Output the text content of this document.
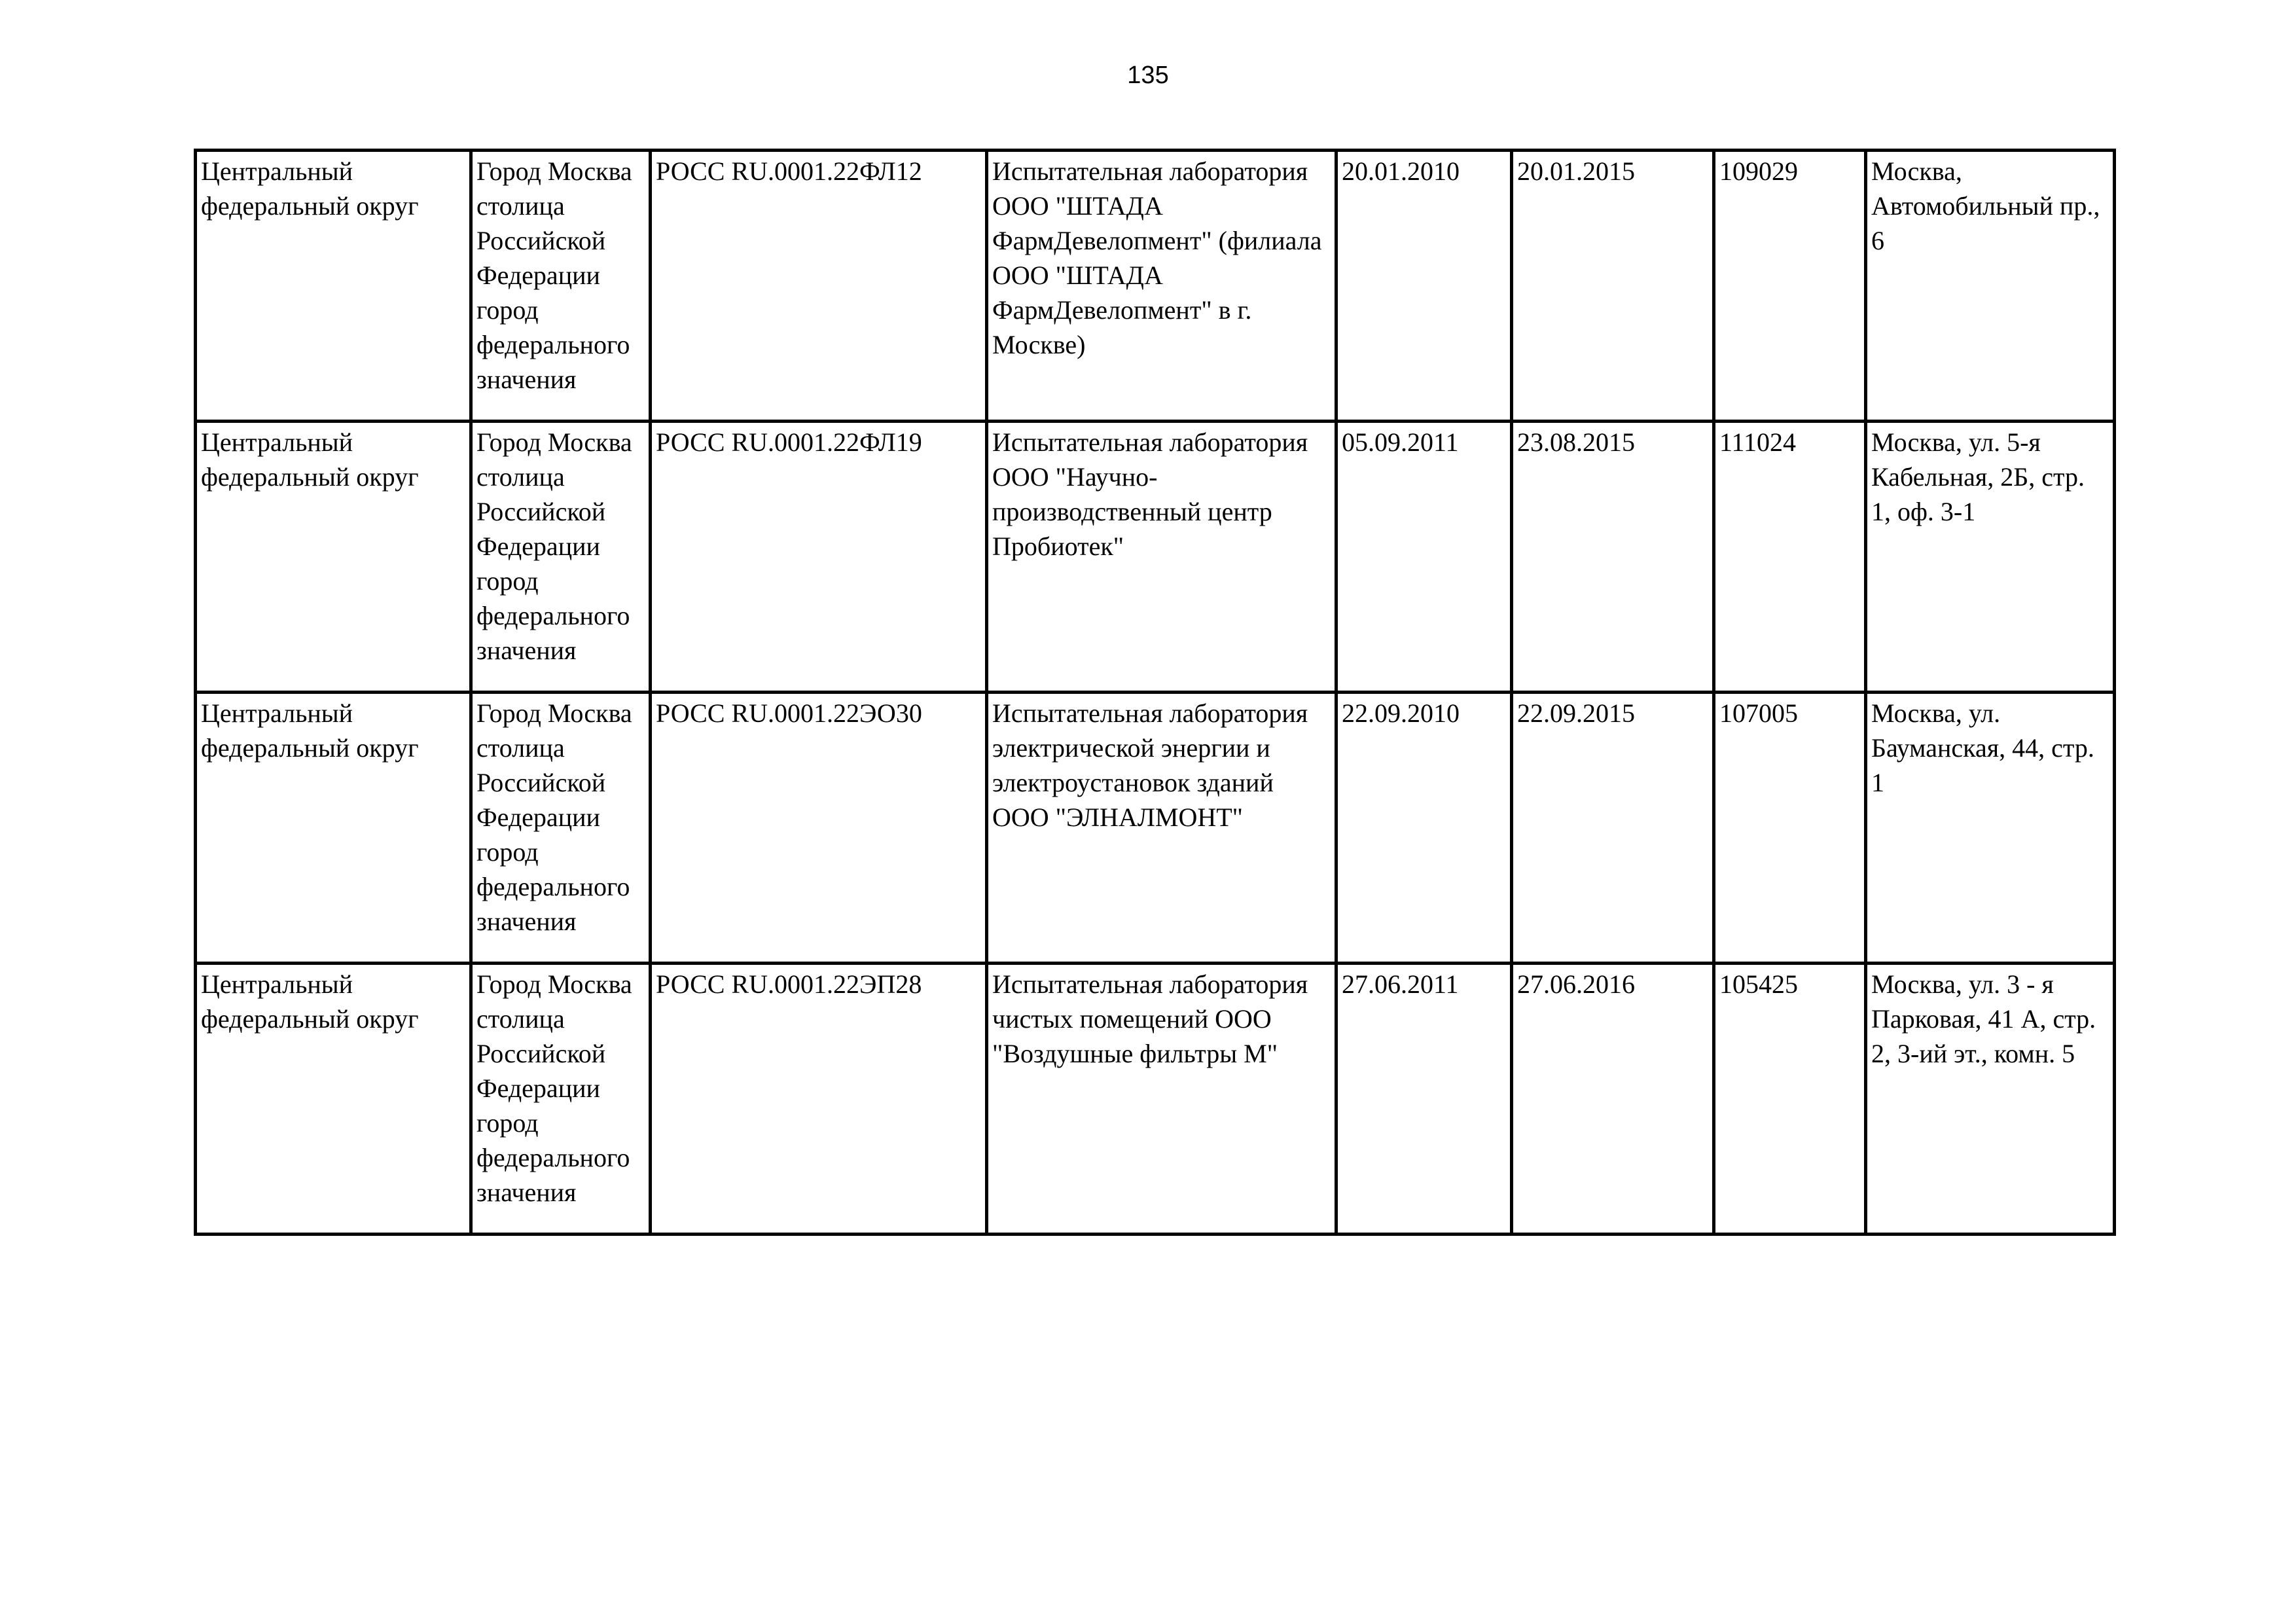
135
Центральный федеральный округ	Город Москва столица Российской Федерации город федерального значения	РОСС RU.0001.22ФЛ12	Испытательная лаборатория ООО "ШТАДА ФармДевелопмент" (филиала ООО "ШТАДА ФармДевелопмент" в г. Москве)	20.01.2010	20.01.2015	109029	Москва, Автомобильный пр., 6

Центральный федеральный округ	Город Москва столица Российской Федерации город федерального значения	РОСС RU.0001.22ФЛ19	Испытательная лаборатория ООО "Научно-производственный центр Пробиотек"	05.09.2011	23.08.2015	111024	Москва, ул. 5-я Кабельная, 2Б, стр. 1, оф. 3-1

Центральный федеральный округ	Город Москва столица Российской Федерации город федерального значения	РОСС RU.0001.22ЭО30	Испытательная лаборатория электрической энергии и электроустановок зданий ООО "ЭЛНАЛМОНТ"	22.09.2010	22.09.2015	107005	Москва, ул. Бауманская, 44, стр. 1

Центральный федеральный округ	Город Москва столица Российской Федерации город федерального значения	РОСС RU.0001.22ЭП28	Испытательная лаборатория чистых помещений ООО "Воздушные фильтры М"	27.06.2011	27.06.2016	105425	Москва, ул. 3 - я Парковая, 41 А, стр. 2, 3-ий эт., комн. 5
